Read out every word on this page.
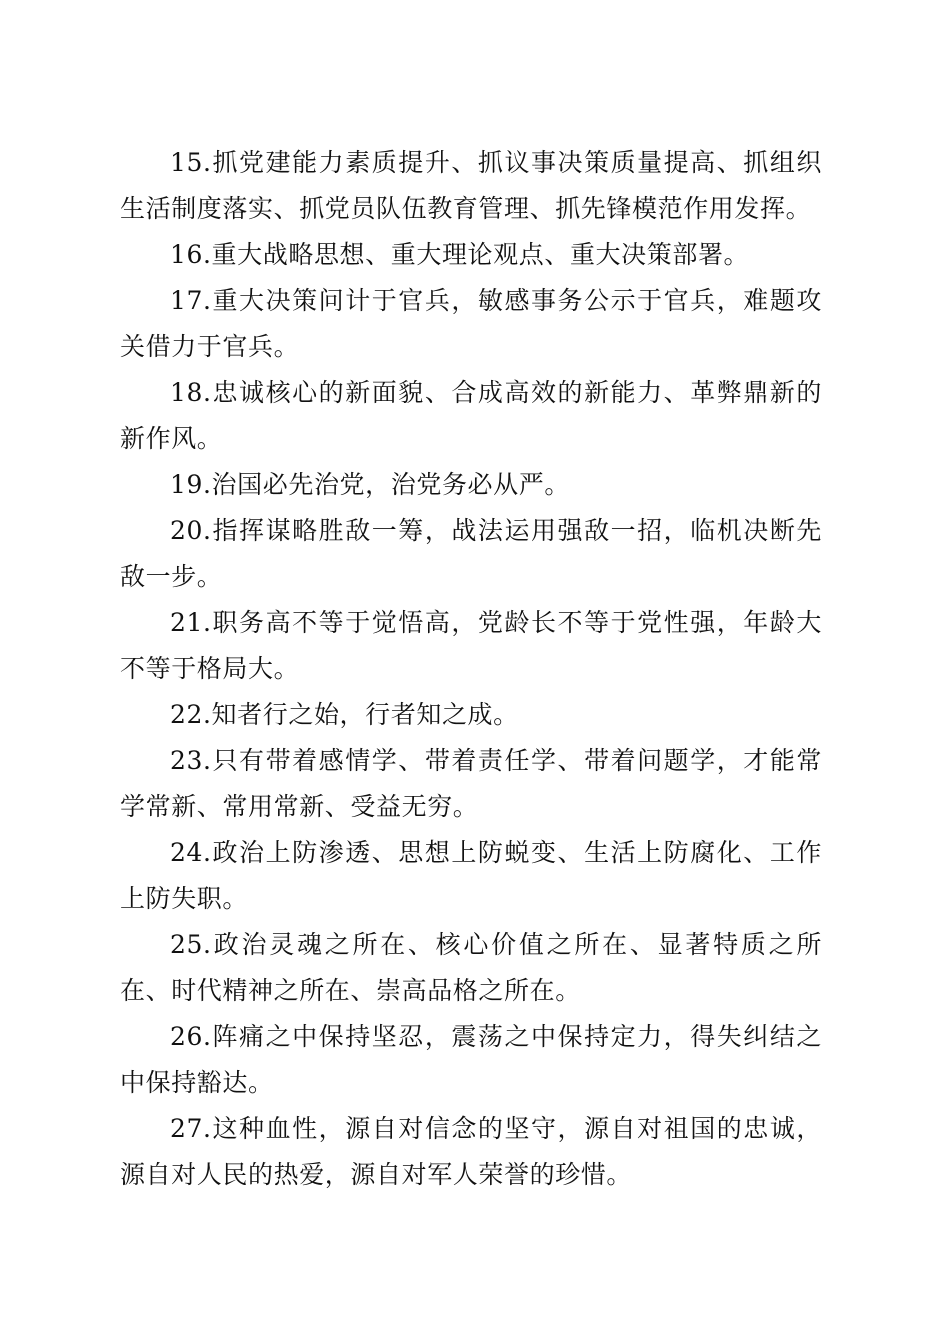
15.抓党建能力素质提升、抓议事决策质量提高、抓组织生活制度落实、抓党员队伍教育管理、抓先锋模范作用发挥。

16.重大战略思想、重大理论观点、重大决策部署。

17.重大决策问计于官兵，敏感事务公示于官兵，难题攻关借力于官兵。

18.忠诚核心的新面貌、合成高效的新能力、革弊鼎新的新作风。

19.治国必先治党，治党务必从严。

20.指挥谋略胜敌一筹，战法运用强敌一招，临机决断先敌一步。

21.职务高不等于觉悟高，党龄长不等于党性强，年龄大不等于格局大。

22.知者行之始，行者知之成。

23.只有带着感情学、带着责任学、带着问题学，才能常学常新、常用常新、受益无穷。

24.政治上防渗透、思想上防蜕变、生活上防腐化、工作上防失职。

25.政治灵魂之所在、核心价值之所在、显著特质之所在、时代精神之所在、崇高品格之所在。

26.阵痛之中保持坚忍，震荡之中保持定力，得失纠结之中保持豁达。

27.这种血性，源自对信念的坚守，源自对祖国的忠诚，源自对人民的热爱，源自对军人荣誉的珍惜。
